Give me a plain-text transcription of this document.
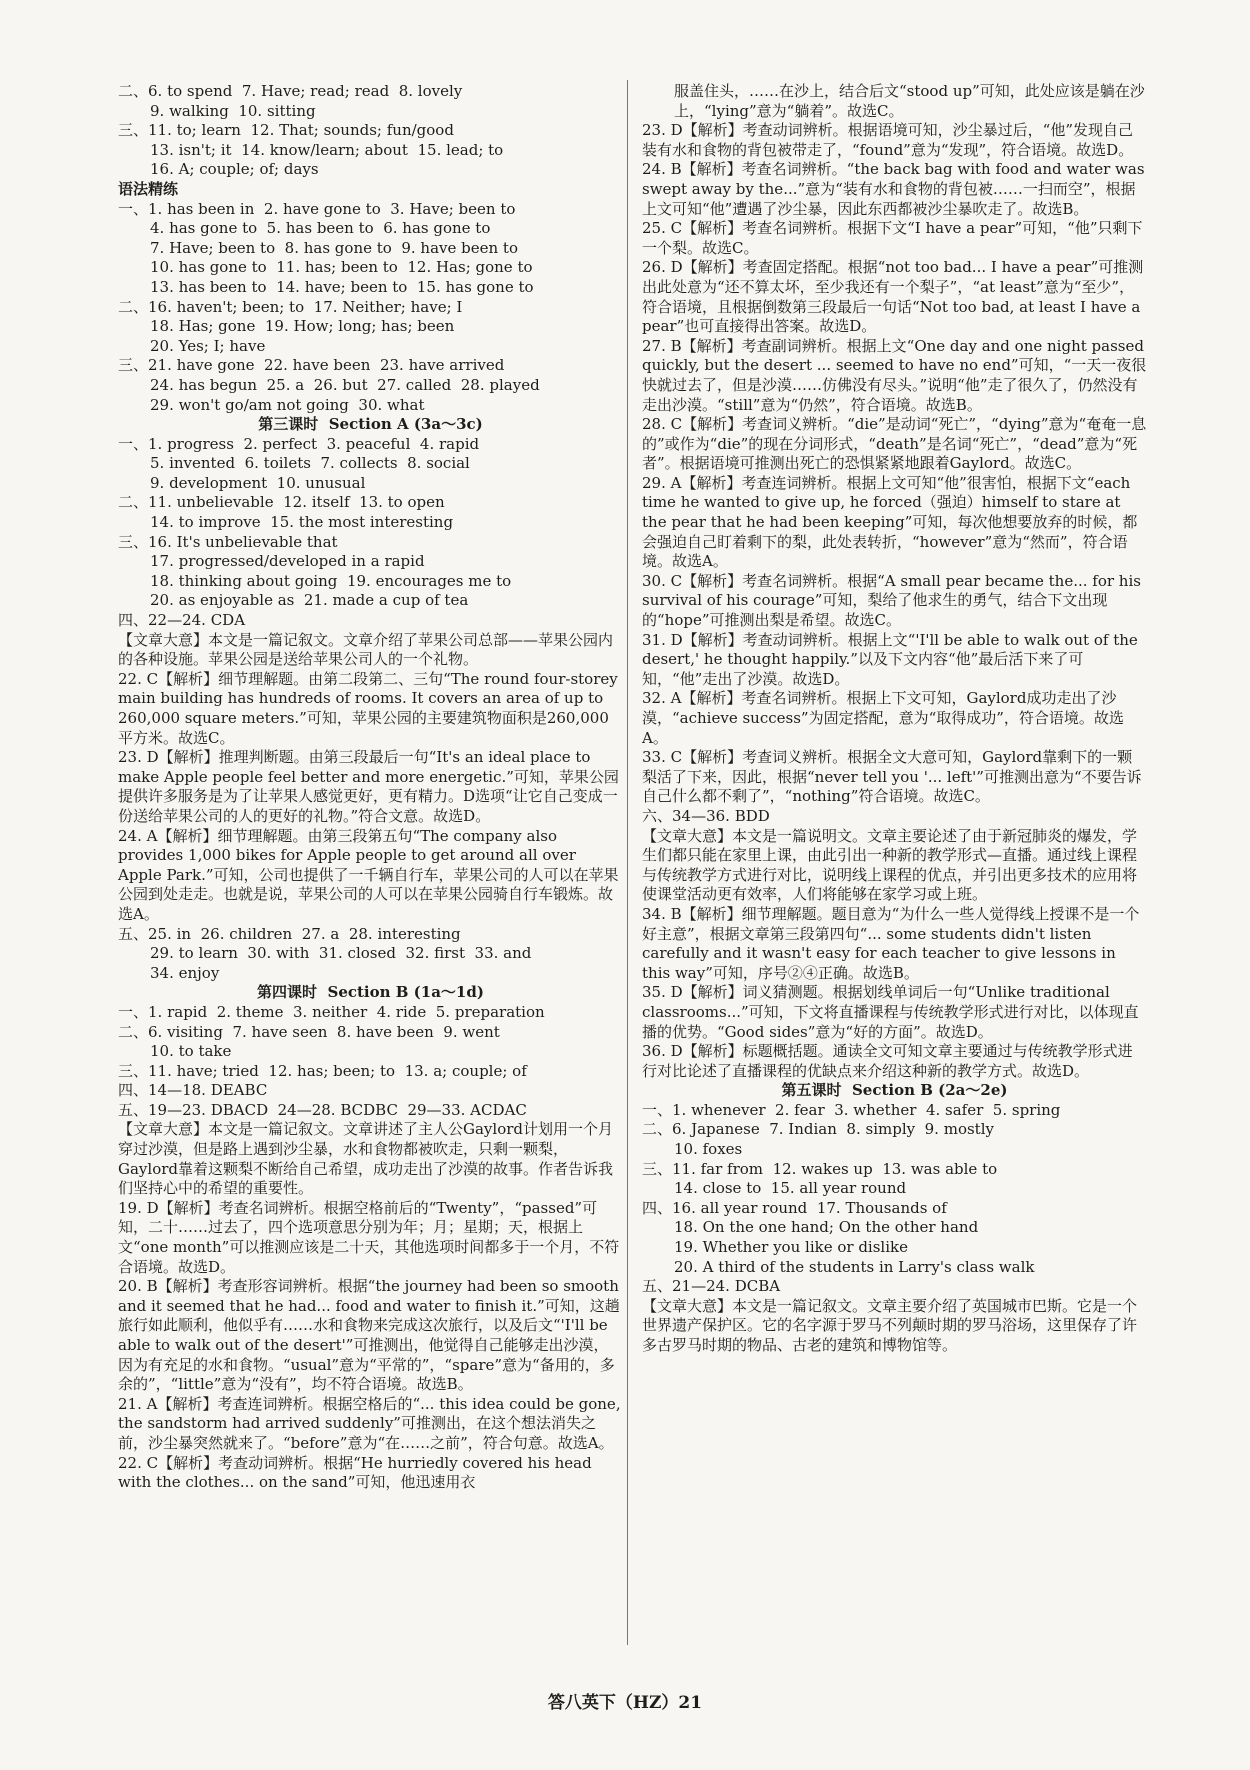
二、6. to spend  7. Have; read; read  8. lovely
9. walking  10. sitting
三、11. to; learn  12. That; sounds; fun/good
13. isn't; it  14. know/learn; about  15. lead; to
16. A; couple; of; days
语法精练
一、1. has been in  2. have gone to  3. Have; been to
4. has gone to  5. has been to  6. has gone to
7. Have; been to  8. has gone to  9. have been to
10. has gone to  11. has; been to  12. Has; gone to
13. has been to  14. have; been to  15. has gone to
二、16. haven't; been; to  17. Neither; have; I
18. Has; gone  19. How; long; has; been
20. Yes; I; have
三、21. have gone  22. have been  23. have arrived
24. has begun  25. a  26. but  27. called  28. played
29. won't go/am not going  30. what
第三课时  Section A (3a～3c)
一、1. progress  2. perfect  3. peaceful  4. rapid
5. invented  6. toilets  7. collects  8. social
9. development  10. unusual
二、11. unbelievable  12. itself  13. to open
14. to improve  15. the most interesting
三、16. It's unbelievable that
17. progressed/developed in a rapid
18. thinking about going  19. encourages me to
20. as enjoyable as  21. made a cup of tea
四、22—24. CDA
【文章大意】本文是一篇记叙文。文章介绍了苹果公司总部——苹果公园内的各种设施。苹果公园是送给苹果公司人的一个礼物。
22. C【解析】细节理解题。由第二段第二、三句“The round four-storey main building has hundreds of rooms. It covers an area of up to 260,000 square meters.”可知，苹果公园的主要建筑物面积是260,000平方米。故选C。
23. D【解析】推理判断题。由第三段最后一句“It's an ideal place to make Apple people feel better and more energetic.”可知，苹果公园提供许多服务是为了让苹果人感觉更好，更有精力。D选项“让它自己变成一份送给苹果公司的人的更好的礼物。”符合文意。故选D。
24. A【解析】细节理解题。由第三段第五句“The company also provides 1,000 bikes for Apple people to get around all over Apple Park.”可知，公司也提供了一千辆自行车，苹果公司的人可以在苹果公园到处走走。也就是说，苹果公司的人可以在苹果公园骑自行车锻炼。故选A。
五、25. in  26. children  27. a  28. interesting
29. to learn  30. with  31. closed  32. first  33. and
34. enjoy
第四课时  Section B (1a～1d)
一、1. rapid  2. theme  3. neither  4. ride  5. preparation
二、6. visiting  7. have seen  8. have been  9. went
10. to take
三、11. have; tried  12. has; been; to  13. a; couple; of
四、14—18. DEABC
五、19—23. DBACD  24—28. BCDBC  29—33. ACDAC
【文章大意】本文是一篇记叙文。文章讲述了主人公Gaylord计划用一个月穿过沙漠，但是路上遇到沙尘暴，水和食物都被吹走，只剩一颗梨，Gaylord靠着这颗梨不断给自己希望，成功走出了沙漠的故事。作者告诉我们坚持心中的希望的重要性。
19. D【解析】考查名词辨析。根据空格前后的“Twenty”，“passed”可知，二十……过去了，四个选项意思分别为年；月；星期；天，根据上文“one month”可以推测应该是二十天，其他选项时间都多于一个月，不符合语境。故选D。
20. B【解析】考查形容词辨析。根据“the journey had been so smooth and it seemed that he had... food and water to finish it.”可知，这趟旅行如此顺利，他似乎有……水和食物来完成这次旅行，以及后文“'I'll be able to walk out of the desert'”可推测出，他觉得自己能够走出沙漠，因为有充足的水和食物。“usual”意为“平常的”，“spare”意为“备用的，多余的”，“little”意为“没有”，均不符合语境。故选B。
21. A【解析】考查连词辨析。根据空格后的“... this idea could be gone, the sandstorm had arrived suddenly”可推测出，在这个想法消失之前，沙尘暴突然就来了。“before”意为“在……之前”，符合句意。故选A。
22. C【解析】考查动词辨析。根据“He hurriedly covered his head with the clothes... on the sand”可知，他迅速用衣
服盖住头，……在沙上，结合后文“stood up”可知，此处应该是躺在沙上，“lying”意为“躺着”。故选C。
23. D【解析】考查动词辨析。根据语境可知，沙尘暴过后，“他”发现自己装有水和食物的背包被带走了，“found”意为“发现”，符合语境。故选D。
24. B【解析】考查名词辨析。“the back bag with food and water was swept away by the...”意为“装有水和食物的背包被……一扫而空”，根据上文可知“他”遭遇了沙尘暴，因此东西都被沙尘暴吹走了。故选B。
25. C【解析】考查名词辨析。根据下文“I have a pear”可知，“他”只剩下一个梨。故选C。
26. D【解析】考查固定搭配。根据“not too bad... I have a pear”可推测出此处意为“还不算太坏，至少我还有一个梨子”，“at least”意为“至少”，符合语境，且根据倒数第三段最后一句话“Not too bad, at least I have a pear”也可直接得出答案。故选D。
27. B【解析】考查副词辨析。根据上文“One day and one night passed quickly, but the desert ... seemed to have no end”可知，“一天一夜很快就过去了，但是沙漠……仿佛没有尽头。”说明“他”走了很久了，仍然没有走出沙漠。“still”意为“仍然”，符合语境。故选B。
28. C【解析】考查词义辨析。“die”是动词“死亡”，“dying”意为“奄奄一息的”或作为“die”的现在分词形式，“death”是名词“死亡”，“dead”意为“死者”。根据语境可推测出死亡的恐惧紧紧地跟着Gaylord。故选C。
29. A【解析】考查连词辨析。根据上文可知“他”很害怕，根据下文“each time he wanted to give up, he forced（强迫）himself to stare at the pear that he had been keeping”可知，每次他想要放弃的时候，都会强迫自己盯着剩下的梨，此处表转折，“however”意为“然而”，符合语境。故选A。
30. C【解析】考查名词辨析。根据“A small pear became the... for his survival of his courage”可知，梨给了他求生的勇气，结合下文出现的“hope”可推测出梨是希望。故选C。
31. D【解析】考查动词辨析。根据上文“'I'll be able to walk out of the desert,' he thought happily.”以及下文内容“他”最后活下来了可知，“他”走出了沙漠。故选D。
32. A【解析】考查名词辨析。根据上下文可知，Gaylord成功走出了沙漠，“achieve success”为固定搭配，意为“取得成功”，符合语境。故选A。
33. C【解析】考查词义辨析。根据全文大意可知，Gaylord靠剩下的一颗梨活了下来，因此，根据“never tell you '... left'”可推测出意为“不要告诉自己什么都不剩了”，“nothing”符合语境。故选C。
六、34—36. BDD
【文章大意】本文是一篇说明文。文章主要论述了由于新冠肺炎的爆发，学生们都只能在家里上课，由此引出一种新的教学形式—直播。通过线上课程与传统教学方式进行对比，说明线上课程的优点，并引出更多技术的应用将使课堂活动更有效率，人们将能够在家学习或上班。
34. B【解析】细节理解题。题目意为“为什么一些人觉得线上授课不是一个好主意”，根据文章第三段第四句“... some students didn't listen carefully and it wasn't easy for each teacher to give lessons in this way”可知，序号②④正确。故选B。
35. D【解析】词义猜测题。根据划线单词后一句“Unlike traditional classrooms...”可知，下文将直播课程与传统教学形式进行对比，以体现直播的优势。“Good sides”意为“好的方面”。故选D。
36. D【解析】标题概括题。通读全文可知文章主要通过与传统教学形式进行对比论述了直播课程的优缺点来介绍这种新的教学方式。故选D。
第五课时  Section B (2a～2e)
一、1. whenever  2. fear  3. whether  4. safer  5. spring
二、6. Japanese  7. Indian  8. simply  9. mostly
10. foxes
三、11. far from  12. wakes up  13. was able to
14. close to  15. all year round
四、16. all year round  17. Thousands of
18. On the one hand; On the other hand
19. Whether you like or dislike
20. A third of the students in Larry's class walk
五、21—24. DCBA
【文章大意】本文是一篇记叙文。文章主要介绍了英国城市巴斯。它是一个世界遗产保护区。它的名字源于罗马不列颠时期的罗马浴场，这里保存了许多古罗马时期的物品、古老的建筑和博物馆等。
答八英下（HZ）21
